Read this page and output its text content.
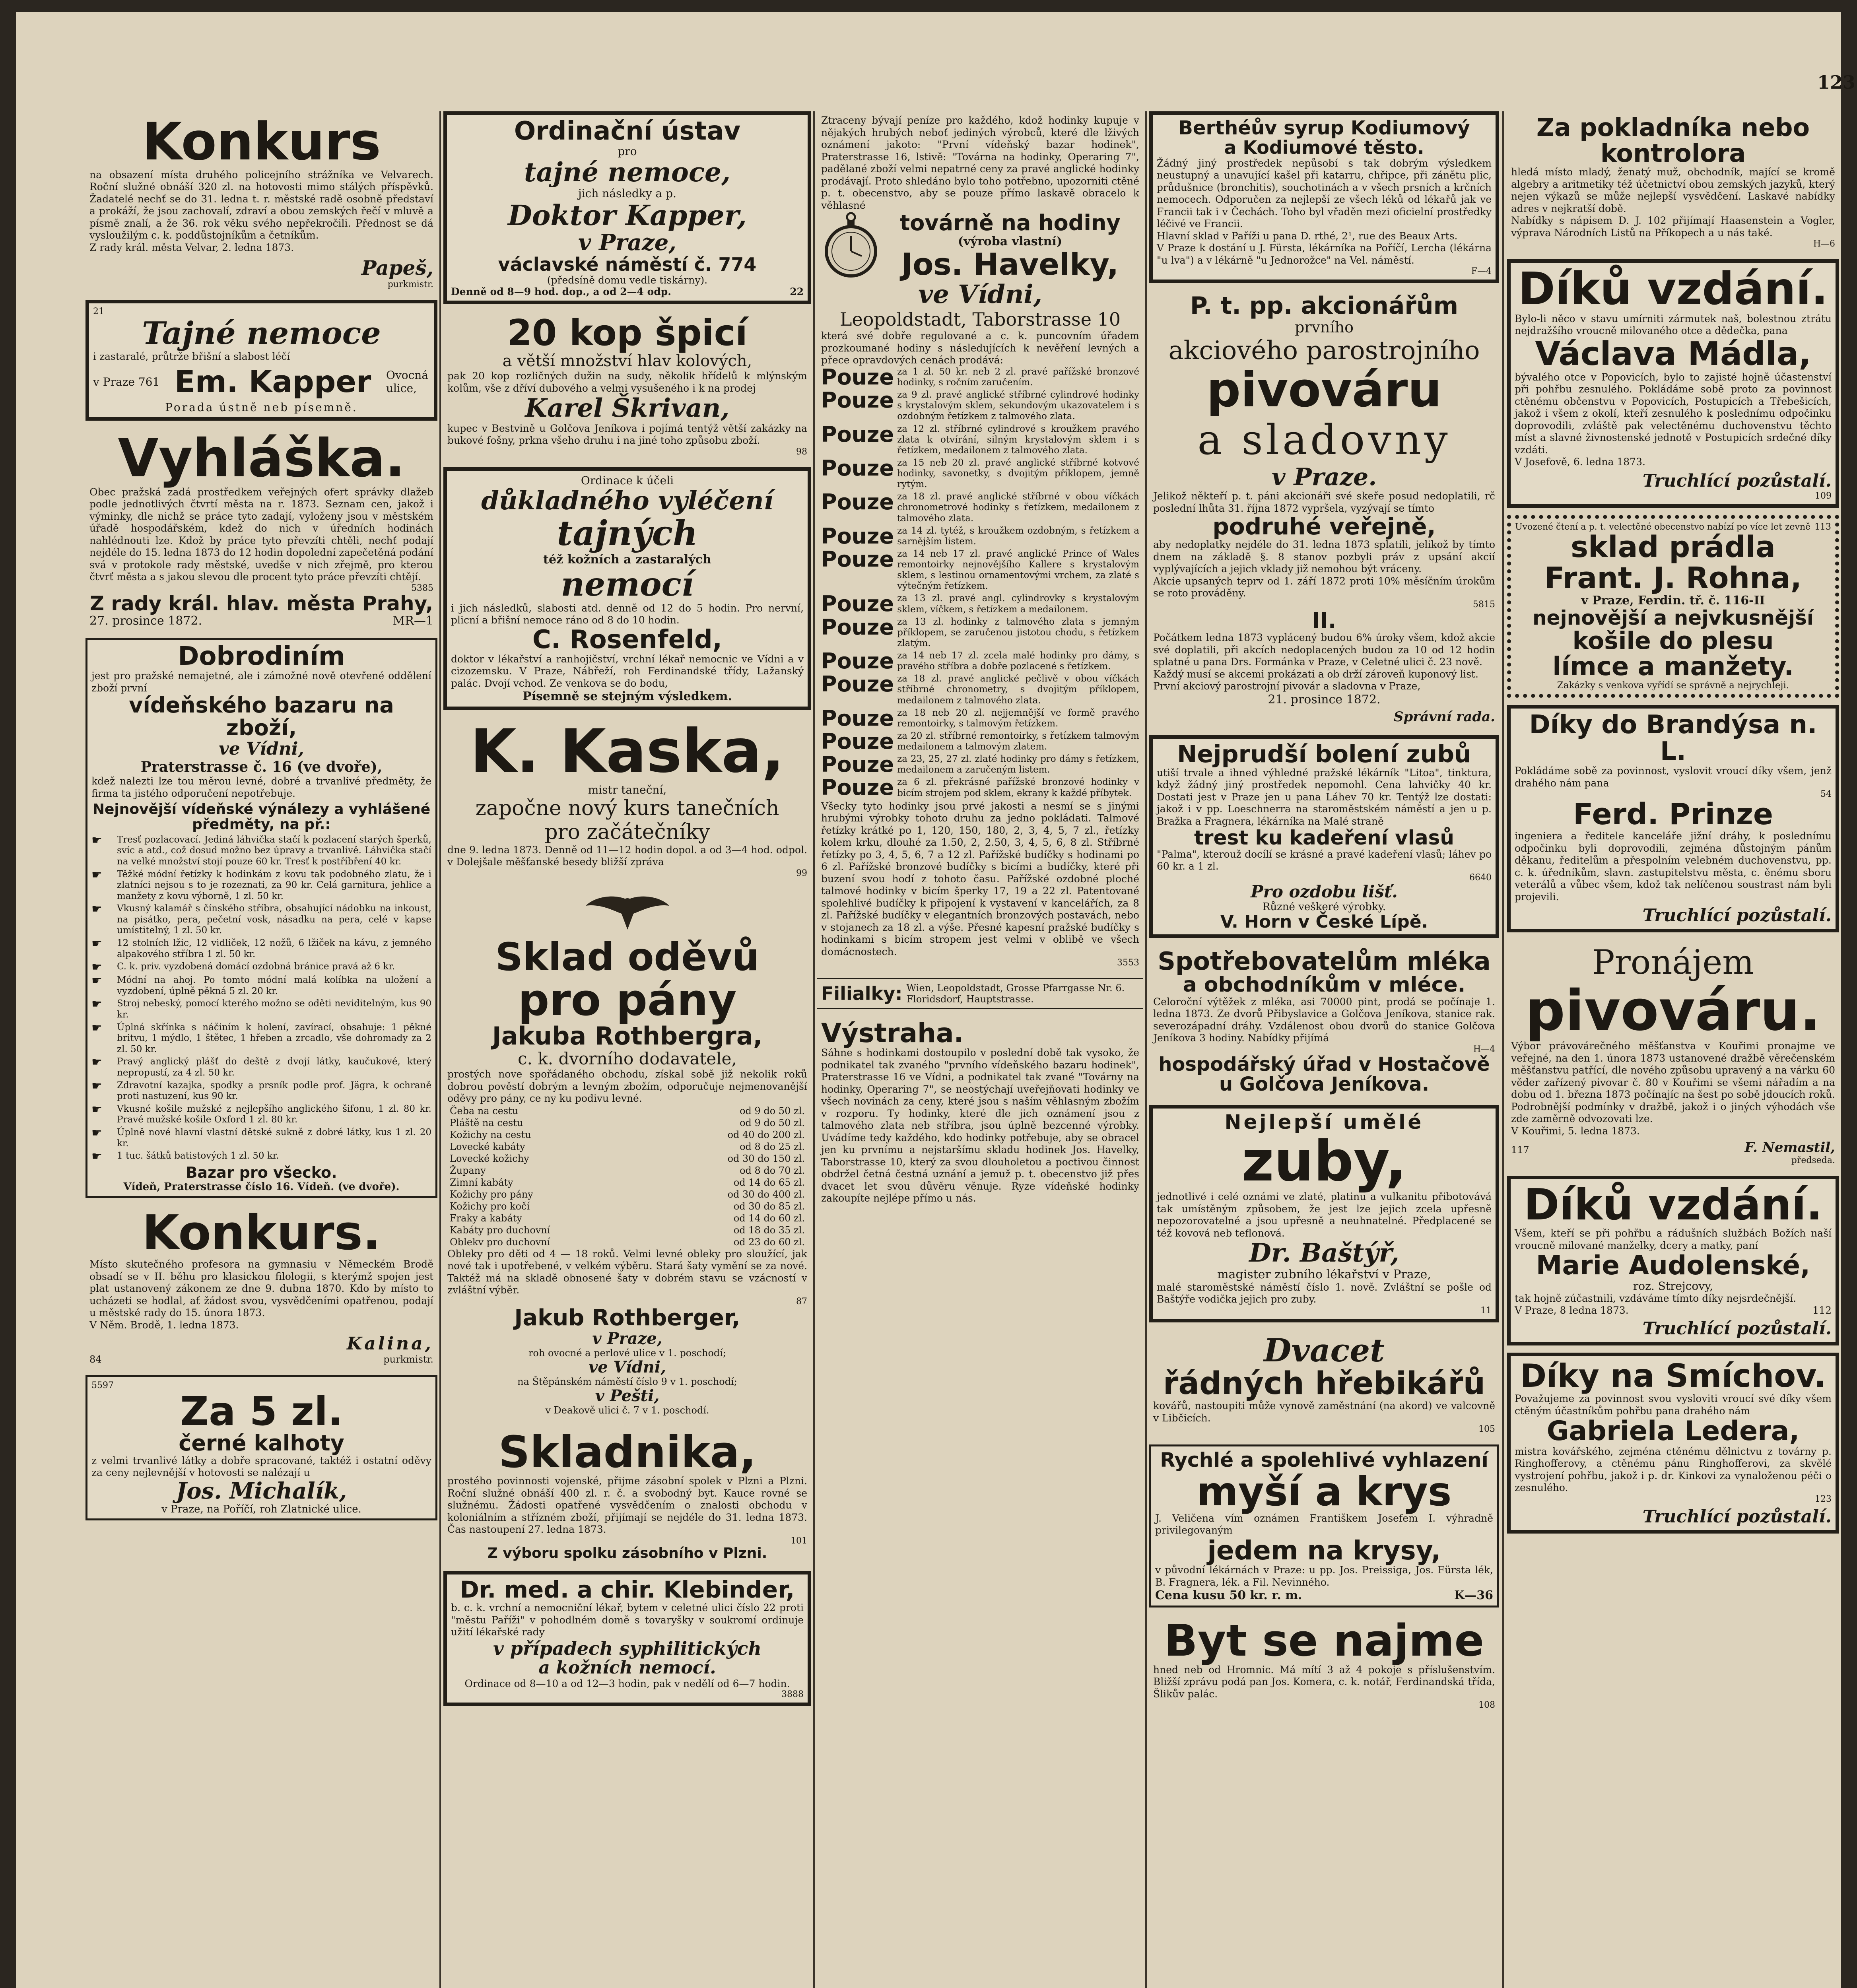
123
Konkurs
na obsazení místa druhého policejního strážníka ve Velvarech. Roční služné obnáší 320 zl. na hotovosti mimo stálých příspěvků. Žadatelé nechť se do 31. ledna t. r. městské radě osobně představí a prokáží, že jsou zachovalí, zdraví a obou zemských řečí v mluvě a písmě znalí, a že 36. rok věku svého nepřekročili. Přednost se dá vysloužilým c. k. poddůstojníkům a četníkům.
Z rady král. města Velvar, 2. ledna 1873.
Papeš,
purkmistr.
21
Tajné nemoce
i zastaralé, průtrže břišní a slabost léčí
v Praze 761 Em. Kapper Ovocná ulice,
Porada ústně neb písemně.
Vyhláška.
Obec pražská zadá prostředkem veřejných ofert správky dlažeb podle jednotlivých čtvrtí města na r. 1873. Seznam cen, jakož i výminky, dle nichž se práce tyto zadají, vyloženy jsou v městském úřadě hospodářském, kdež do nich v úředních hodinách nahlédnouti lze. Kdož by práce tyto převzíti chtěli, nechť podají nejdéle do 15. ledna 1873 do 12 hodin dopolední zapečetěná podání svá v protokole rady městské, uvedše v nich zřejmě, pro kterou čtvrť města a s jakou slevou dle procent tyto práce převzíti chtějí.
5385
Z rady král. hlav. města Prahy,
27. prosince 1872.	MR—1
Dobrodiním
jest pro pražské nemajetné, ale i zámožné nově otevřené oddělení zboží první
vídeňského bazaru na zboží,
ve Vídni,
Praterstrasse č. 16 (ve dvoře),
kdež nalezti lze tou měrou levné, dobré a trvanlivé předměty, že firma ta jistého odporučení nepotřebuje.
Nejnovější vídeňské výnálezy a vyhlášené předměty, na př.:
☛	Tresť pozlacovací. Jediná láhvička stačí k pozlacení starých šperků, svíc a atd., což dosud možno bez úpravy a trvanlivě. Láhvička stačí na velké množství stojí pouze 60 kr. Tresť k postříbření 40 kr.
☛	Těžké módní řetízky k hodinkám z kovu tak podobného zlatu, že i zlatníci nejsou s to je rozeznati, za 90 kr. Celá garnitura, jehlice a manžety z kovu výborně, 1 zl. 50 kr.
☛	Vkusný kalamář s čínského stříbra, obsahující nádobku na inkoust, na pisátko, pera, pečetní vosk, násadku na pera, celé v kapse umístitelný, 1 zl. 50 kr.
☛	12 stolních lžic, 12 vidliček, 12 nožů, 6 lžiček na kávu, z jemného alpakového stříbra 1 zl. 50 kr.
☛	C. k. priv. vyzdobená domácí ozdobná bránice pravá až 6 kr.
☛	Módní na ahoj. Po tomto módní malá kolíbka na uložení a vyzdobení, úplně pěkná 5 zl. 20 kr.
☛	Stroj nebeský, pomocí kterého možno se oděti neviditelným, kus 90 kr.
☛	Úplná skřínka s náčiním k holení, zavírací, obsahuje: 1 pěkné britvu, 1 mýdlo, 1 štětec, 1 hřeben a zrcadlo, vše dohromady za 2 zl. 50 kr.
☛	Pravý anglický plášť do deště z dvojí látky, kaučukové, který nepropustí, za 4 zl. 50 kr.
☛	Zdravotní kazajka, spodky a prsník podle prof. Jägra, k ochraně proti nastuzení, kus 90 kr.
☛	Vkusné košile mužské z nejlepšího anglického šifonu, 1 zl. 80 kr. Pravé mužské košile Oxford 1 zl. 80 kr.
☛	Úplně nové hlavní vlastní dětské sukně z dobré látky, kus 1 zl. 20 kr.
☛	1 tuc. šátků batistových 1 zl. 50 kr.
Bazar pro všecko.
Vídeň, Praterstrasse číslo 16. Vídeň. (ve dvoře).
Konkurs.
Místo skutečného profesora na gymnasiu v Německém Brodě obsadí se v II. běhu pro klasickou filologii, s kterýmž spojen jest plat ustanovený zákonem ze dne 9. dubna 1870. Kdo by místo to ucházeti se hodlal, ať žádost svou, vysvědčeními opatřenou, podají u městské rady do 15. února 1873.
V Něm. Brodě, 1. ledna 1873.
Kalina,
84	purkmistr.
5597
Za 5 zl.
černé kalhoty
z velmi trvanlivé látky a dobře spracované, taktéž i ostatní oděvy za ceny nejlevnější v hotovosti se nalézají u
Jos. Michalík,
v Praze, na Poříčí, roh Zlatnické ulice.
Ordinační ústav
pro
tajné nemoce,
jich následky a p.
Doktor Kapper,
v Praze,
václavské náměstí č. 774
(předsíně domu vedle tiskárny).
Denně od 8—9 hod. dop., a od 2—4 odp.	22
20 kop špicí
a větší množství hlav kolových,
pak 20 kop rozličných dužin na sudy, několik hřídelů k mlýnským kolům, vše z dříví dubového a velmi vysušeného i k na prodej
Karel Škrivan,
kupec v Bestvině u Golčova Jeníkova i pojímá tentýž větší zakázky na bukové fošny, prkna všeho druhu i na jiné toho způsobu zboží.
98
Ordinace k účeli
důkladného vyléčení
tajných
též kožních a zastaralých
nemocí
i jich následků, slabosti atd. denně od 12 do 5 hodin. Pro nervní, plicní a břišní nemoce ráno od 8 do 10 hodin.
C. Rosenfeld,
doktor v lékařství a ranhojičství, vrchní lékař nemocnic ve Vídni a v cizozemsku. V Praze, Nábřeží, roh Ferdinandské třídy, Lažanský palác. Dvojí vchod. Ze venkova se do bodu,
Písemně se stejným výsledkem.
K. Kaska,
mistr taneční,
započne nový kurs tanečních
pro začátečníky
dne 9. ledna 1873. Denně od 11—12 hodin dopol. a od 3—4 hod. odpol. v Dolejšale měšťanské besedy bližší zpráva
99
Sklad oděvů
pro pány
Jakuba Rothbergra,
c. k. dvorního dodavatele,
prostých nove spořádaného obchodu, získal sobě již nekolik roků dobrou pověstí dobrým a levným zbožím, odporučuje nejmenovanější oděvy pro pány, ce ny ku podivu levné.
Čeba na cestu	od 9 do 50 zl.
Pláště na cestu	od 9 do 50 zl.
Kožichy na cestu	od 40 do 200 zl.
Lovecké kabáty	od 8 do 25 zl.
Lovecké kožichy	od 30 do 150 zl.
Župany	od 8 do 70 zl.
Zimní kabáty	od 14 do 65 zl.
Kožichy pro pány	od 30 do 400 zl.
Kožichy pro kočí	od 30 do 85 zl.
Fraky a kabáty	od 14 do 60 zl.
Kabáty pro duchovní	od 18 do 35 zl.
Oblekv pro duchovní	od 23 do 60 zl.
Obleky pro děti od 4 — 18 roků. Velmi levné obleky pro sloužící, jak nové tak i upotřebené, v velkém výběru. Stará šaty vymění se za nové. Taktéž má na skladě obnosené šaty v dobrém stavu se vzácností v zvláštní výběr.
87
Jakub Rothberger,
v Praze,
roh ovocné a perlové ulice v 1. poschodí;
ve Vídni,
na Štěpánském náměstí číslo 9 v 1. poschodí;
v Pešti,
v Deakově ulici č. 7 v 1. poschodí.
Skladnika,
prostého povinnosti vojenské, přijme zásobní spolek v Plzni a Plzni. Roční služné obnáší 400 zl. r. č. a svobodný byt. Kauce rovné se služnému. Žádosti opatřené vysvědčením o znalosti obchodu v koloniálním a střízném zboží, přijímají se nejdéle do 31. ledna 1873. Čas nastoupení 27. ledna 1873.
101
Z výboru spolku zásobního v Plzni.
Dr. med. a chir. Klebinder,
b. c. k. vrchní a nemocniční lékař, bytem v celetné ulici číslo 22 proti "městu Paříži" v pohodlném domě s tovaryšky v soukromí ordinuje užití lékařské rady
v případech syphilitických
a kožních nemocí.
Ordinace od 8—10 a od 12—3 hodin, pak v nedělí od 6—7 hodin.
3888
Ztraceny bývají peníze pro každého, kdož hodinky kupuje v nějakých hrubých neboť jediných výrobců, které dle lživých oznámení jakoto: "První vídeňský bazar hodinek", Praterstrasse 16, lstivě: "Továrna na hodinky, Operaring 7", padělané zboží velmi nepatrné ceny za pravé anglické hodinky prodávají. Proto shledáno bylo toho potřebno, upozorniti ctěné p. t. obecenstvo, aby se pouze přímo laskavě obracelo k věhlasné
továrně na hodiny
(výroba vlastní)
Jos. Havelky,
ve Vídni,
Leopoldstadt, Taborstrasse 10
která své dobře regulované a c. k. puncovním úřadem prozkoumané hodiny s následujících k nevěření levných a přece opravdových cenách prodává:
Pouze za 1 zl. 50 kr. neb 2 zl. pravé pařížské bronzové hodinky, s ročním zaručením.
Pouze za 9 zl. pravé anglické stříbrné cylindrové hodinky s krystalovým sklem, sekundovým ukazovatelem i s ozdobným řetízkem z talmového zlata.
Pouze za 12 zl. stříbrné cylindrové s kroužkem pravého zlata k otvírání, silným krystalovým sklem i s řetízkem, medailonem z talmového zlata.
Pouze za 15 neb 20 zl. pravé anglické stříbrné kotvové hodinky, savonetky, s dvojitým příklopem, jemně rytým.
Pouze za 18 zl. pravé anglické stříbrné v obou víčkách chronometrové hodinky s řetízkem, medailonem z talmového zlata.
Pouze za 14 zl. tytéž, s kroužkem ozdobným, s řetízkem a sarnějším listem.
Pouze za 14 neb 17 zl. pravé anglické Prince of Wales remontoirky nejnovějšího Kallere s krystalovým sklem, s lestinou ornamentovými vrchem, za zlaté s výtečným řetízkem.
Pouze za 13 zl. pravé angl. cylindrovky s krystalovým sklem, víčkem, s řetízkem a medailonem.
Pouze za 13 zl. hodinky z talmového zlata s jemným příklopem, se zaručenou jistotou chodu, s řetízkem zlatým.
Pouze za 14 neb 17 zl. zcela malé hodinky pro dámy, s pravého stříbra a dobře pozlacené s řetízkem.
Pouze za 18 zl. pravé anglické pečlivě v obou víčkách stříbrné chronometry, s dvojitým příklopem, medailonem z talmového zlata.
Pouze za 18 neb 20 zl. nejjemnější ve formě pravého remontoirky, s talmovým řetízkem.
Pouze za 20 zl. stříbrné remontoirky, s řetízkem talmovým medailonem a talmovým zlatem.
Pouze za 23, 25, 27 zl. zlaté hodinky pro dámy s řetízkem, medailonem a zaručeným listem.
Pouze za 6 zl. překrásné pařížské bronzové hodinky v bicím strojem pod sklem, ekrany k každé příbytek.
Všecky tyto hodinky jsou prvé jakosti a nesmí se s jinými hrubými výrobky tohoto druhu za jedno pokládati. Talmové řetízky krátké po 1, 120, 150, 180, 2, 3, 4, 5, 7 zl., řetízky kolem krku, dlouhé za 1.50, 2, 2.50, 3, 4, 5, 6, 8 zl. Stříbrné řetízky po 3, 4, 5, 6, 7 a 12 zl. Pařížské budíčky s hodinami po 6 zl. Pařížské bronzové budíčky s bicími a budíčky, které při buzení svou hodí z tohoto času. Pařížské ozdobné ploché talmové hodinky v bicím šperky 17, 19 a 22 zl. Patentované spolehlivé budíčky k připojení k vystavení v kancelářích, za 8 zl. Pařížské budíčky v elegantních bronzových postavách, nebo v stojanech za 18 zl. a výše. Přesné kapesní pražské budíčky s hodinkami s bicím stropem jest velmi v oblibě ve všech domácnostech.
3553
Filialky: Wien, Leopoldstadt, Grosse Pfarrgasse Nr. 6. Floridsdorf, Hauptstrasse.
Výstraha.
Sáhne s hodinkami dostoupilo v poslední době tak vysoko, že podnikatel tak zvaného "prvního vídeňského bazaru hodinek", Praterstrasse 16 ve Vídni, a podnikatel tak zvané "Továrny na hodinky, Operaring 7", se neostýchají uveřejňovati hodinky ve všech novinách za ceny, které jsou s naším věhlasným zbožím v rozporu. Ty hodinky, které dle jich oznámení jsou z talmového zlata neb stříbra, jsou úplně bezcenné výrobky. Uvádíme tedy každého, kdo hodinky potřebuje, aby se obracel jen ku prvnímu a nejstaršímu skladu hodinek Jos. Havelky, Taborstrasse 10, který za svou dlouholetou a poctivou činnost obdržel četná čestná uznání a jemuž p. t. obecenstvo již přes dvacet let svou důvěru věnuje. Ryze vídeňské hodinky zakoupíte nejlépe přímo u nás.
Berthéův syrup Kodiumový
a Kodiumové těsto.
Žádný jiný prostředek nepůsobí s tak dobrým výsledkem neustupný a unavující kašel při katarru, chřipce, při zánětu plic, průdušnice (bronchitis), souchotinách a v všech prsních a krčních nemocech. Odporučen za nejlepší ze všech léků od lékařů jak ve Francii tak i v Čechách. Toho byl vřaděn mezi oficielní prostředky léčivé ve Francii.
Hlavní sklad v Paříži u pana D. rthé, 2¹, rue des Beaux Arts.
V Praze k dostání u J. Fürsta, lékárníka na Poříčí, Lercha (lékárna "u lva") a v lékárně "u Jednorožce" na Vel. náměstí.
F—4
P. t. pp. akcionářům
prvního
akciového parostrojního
pivováru
a sladovny
v Praze.
Jelikož někteří p. t. páni akcionáři své skeře posud nedoplatili, rč poslední lhůta 31. října 1872 vypršela, vyzývají se tímto
podruhé veřejně,
aby nedoplatky nejdéle do 31. ledna 1873 splatili, jelikož by tímto dnem na základě §. 8 stanov pozbyli práv z upsání akcií vyplývajících a jejich vklady již nemohou být vráceny.
Akcie upsaných teprv od 1. září 1872 proti 10% měsíčním úrokům se roto prováděny.
5815
II.
Počátkem ledna 1873 vyplácený budou 6% úroky všem, kdož akcie své doplatili, při akcích nedoplacených budou za 10 od 12 hodin splatné u pana Drs. Formánka v Praze, v Celetné ulici č. 23 nově.
Každý musí se akcemi prokázati a ob drží zároveň kuponový list.
První akciový parostrojní pivovár a sladovna v Praze,
21. prosince 1872.
Správní rada.
Nejprudší bolení zubů
utiší trvale a ihned výhledné pražské lékárník "Litoa", tinktura, když žádný jiný prostředek nepomohl. Cena lahvičky 40 kr. Dostati jest v Praze jen u pana Láhev 70 kr. Tentýž lze dostati: jakož i v pp. Loeschnerra na staroměstském náměstí a jen u p. Bražka a Fragnera, lékárníka na Malé straně
trest ku kadeření vlasů
"Palma", kterouž docílí se krásné a pravé kadeření vlasů; láhev po 60 kr. a 1 zl.
6640
Pro ozdobu lišť.
Různé veškeré výrobky.
V. Horn v České Lípě.
Spotřebovatelům mléka
a obchodníkům v mléce.
Celoroční výtěžek z mléka, asi 70000 pint, prodá se počínaje 1. ledna 1873. Ze dvorů Přibyslavice a Golčova Jeníkova, stanice rak. severozápadní dráhy. Vzdálenost obou dvorů do stanice Golčova Jeníkova 3 hodiny. Nabídky přijímá
H—4
hospodářský úřad v Hostačově u Golčova Jeníkova.
Nejlepší umělé
zuby,
jednotlivé i celé oznámi ve zlaté, platinu a vulkanitu přibotovává tak umístěným způsobem, že jest lze jejich zcela upřesně nepozorovatelné a jsou upřesně a neuhnatelné. Předplacené se též kovová neb teflonová.
Dr. Baštýř,
magister zubního lékařství v Praze,
malé staroměstské náměstí číslo 1. nově. Zvláštní se pošle od Baštýře vodička jejich pro zuby.
11
Dvacet
řádných hřebikářů
kovářů, nastoupiti může vynově zaměstnání (na akord) ve valcovně v Libčicích.
105
Rychlé a spolehlivé vyhlazení
myší a krys
J. Veličena vím oznámen Františkem Josefem I. výhradně privilegovaným
jedem na krysy,
v původní lékárnách v Praze: u pp. Jos. Preissiga, Jos. Fürsta lék, B. Fragnera, lék. a Fil. Nevinného.
Cena kusu 50 kr. r. m.	K—36
Byt se najme
hned neb od Hromnic. Má mítí 3 až 4 pokoje s příslušenstvím. Bližší zprávu podá pan Jos. Komera, c. k. notář, Ferdinandská třída, Šlikův palác.
108
Za pokladníka nebo kontrolora
hledá místo mladý, ženatý muž, obchodník, mající se kromě algebry a aritmetiky též účetnictví obou zemských jazyků, který nejen výkazů se může nejlepší vysvědčení. Laskavé nabídky adres v nejkratší době.
Nabídky s nápisem D. J. 102 přijímají Haasenstein a Vogler, výprava Národních Listů na Příkopech a u nás také.
H—6
Díků vzdání.
Bylo-li něco v stavu umírniti zármutek naš, bolestnou ztrátu nejdražšího vroucně milovaného otce a dědečka, pana
Václava Mádla,
bývalého otce v Popovicích, bylo to zajisté hojně účastenství při pohřbu zesnulého. Pokládáme sobě proto za povinnost ctěnému občenstvu v Popovicích, Postupicích a Třebešicích, jakož i všem z okolí, kteří zesnulého k poslednímu odpočinku doprovodili, zvláště pak velectěnému duchovenstvu těchto míst a slavné živnostenské jednotě v Postupicích srdečné díky vzdáti.
V Josefově, 6. ledna 1873.
Truchlící pozůstalí.
109
Uvozené čtení a p. t. velectěné obecenstvo nabízí po více let zevně 113
sklad prádla
Frant. J. Rohna,
v Praze, Ferdin. tř. č. 116-II
nejnovější a nejvkusnější
košile do plesu
límce a manžety.
Zakázky s venkova vyřídí se správně a nejrychleji.
Díky do Brandýsa n. L.
Pokládáme sobě za povinnost, vyslovit vroucí díky všem, jenž drahého nám pana
54
Ferd. Prinze
ingeniera a ředitele kanceláře jižní dráhy, k poslednímu odpočinku byli doprovodili, zejména důstojným pánům děkanu, ředitelům a přespolním velebném duchovenstvu, pp. c. k. úředníkům, slavn. zastupitelstvu města, c. ěnému sboru veterálů a vůbec všem, kdož tak nelíčenou soustrast nám byli projevili.
Truchlící pozůstalí.
Pronájem
pivováru.
Výbor právovárečného měšťanstva v Kouřimi pronajme ve veřejné, na den 1. února 1873 ustanovené dražbě věrečenském měšťanstvu patřící, dle nového způsobu upravený a na várku 60 věder zařízený pivovar č. 80 v Kouřimi se všemi nářadím a na dobu od 1. března 1873 počínajíc na šest po sobě jdoucích roků. Podrobnější podmínky v dražbě, jakož i o jiných výhodách vše zde zaměrně odvozovati lze.
V Kouřimi, 5. ledna 1873.
117	F. Nemastil,
předseda.
Díků vzdání.
Všem, kteří se při pohřbu a rádušních službách Božích naší vroucně milované manželky, dcery a matky, paní
Marie Audolenské,
roz. Strejcovy,
tak hojně zúčastnili, vzdáváme tímto díky nejsrdečnější.
V Praze, 8 ledna 1873.	112
Truchlící pozůstalí.
Díky na Smíchov.
Považujeme za povinnost svou vysloviti vroucí své díky všem ctěným účastníkům pohřbu pana drahého nám
Gabriela Ledera,
mistra kovářského, zejména ctěnému dělnictvu z továrny p. Ringhofferovy, a ctěnému pánu Ringhofferovi, za skvělé vystrojení pohřbu, jakož i p. dr. Kinkovi za vynaloženou péči o zesnulého.
123
Truchlící pozůstalí.
